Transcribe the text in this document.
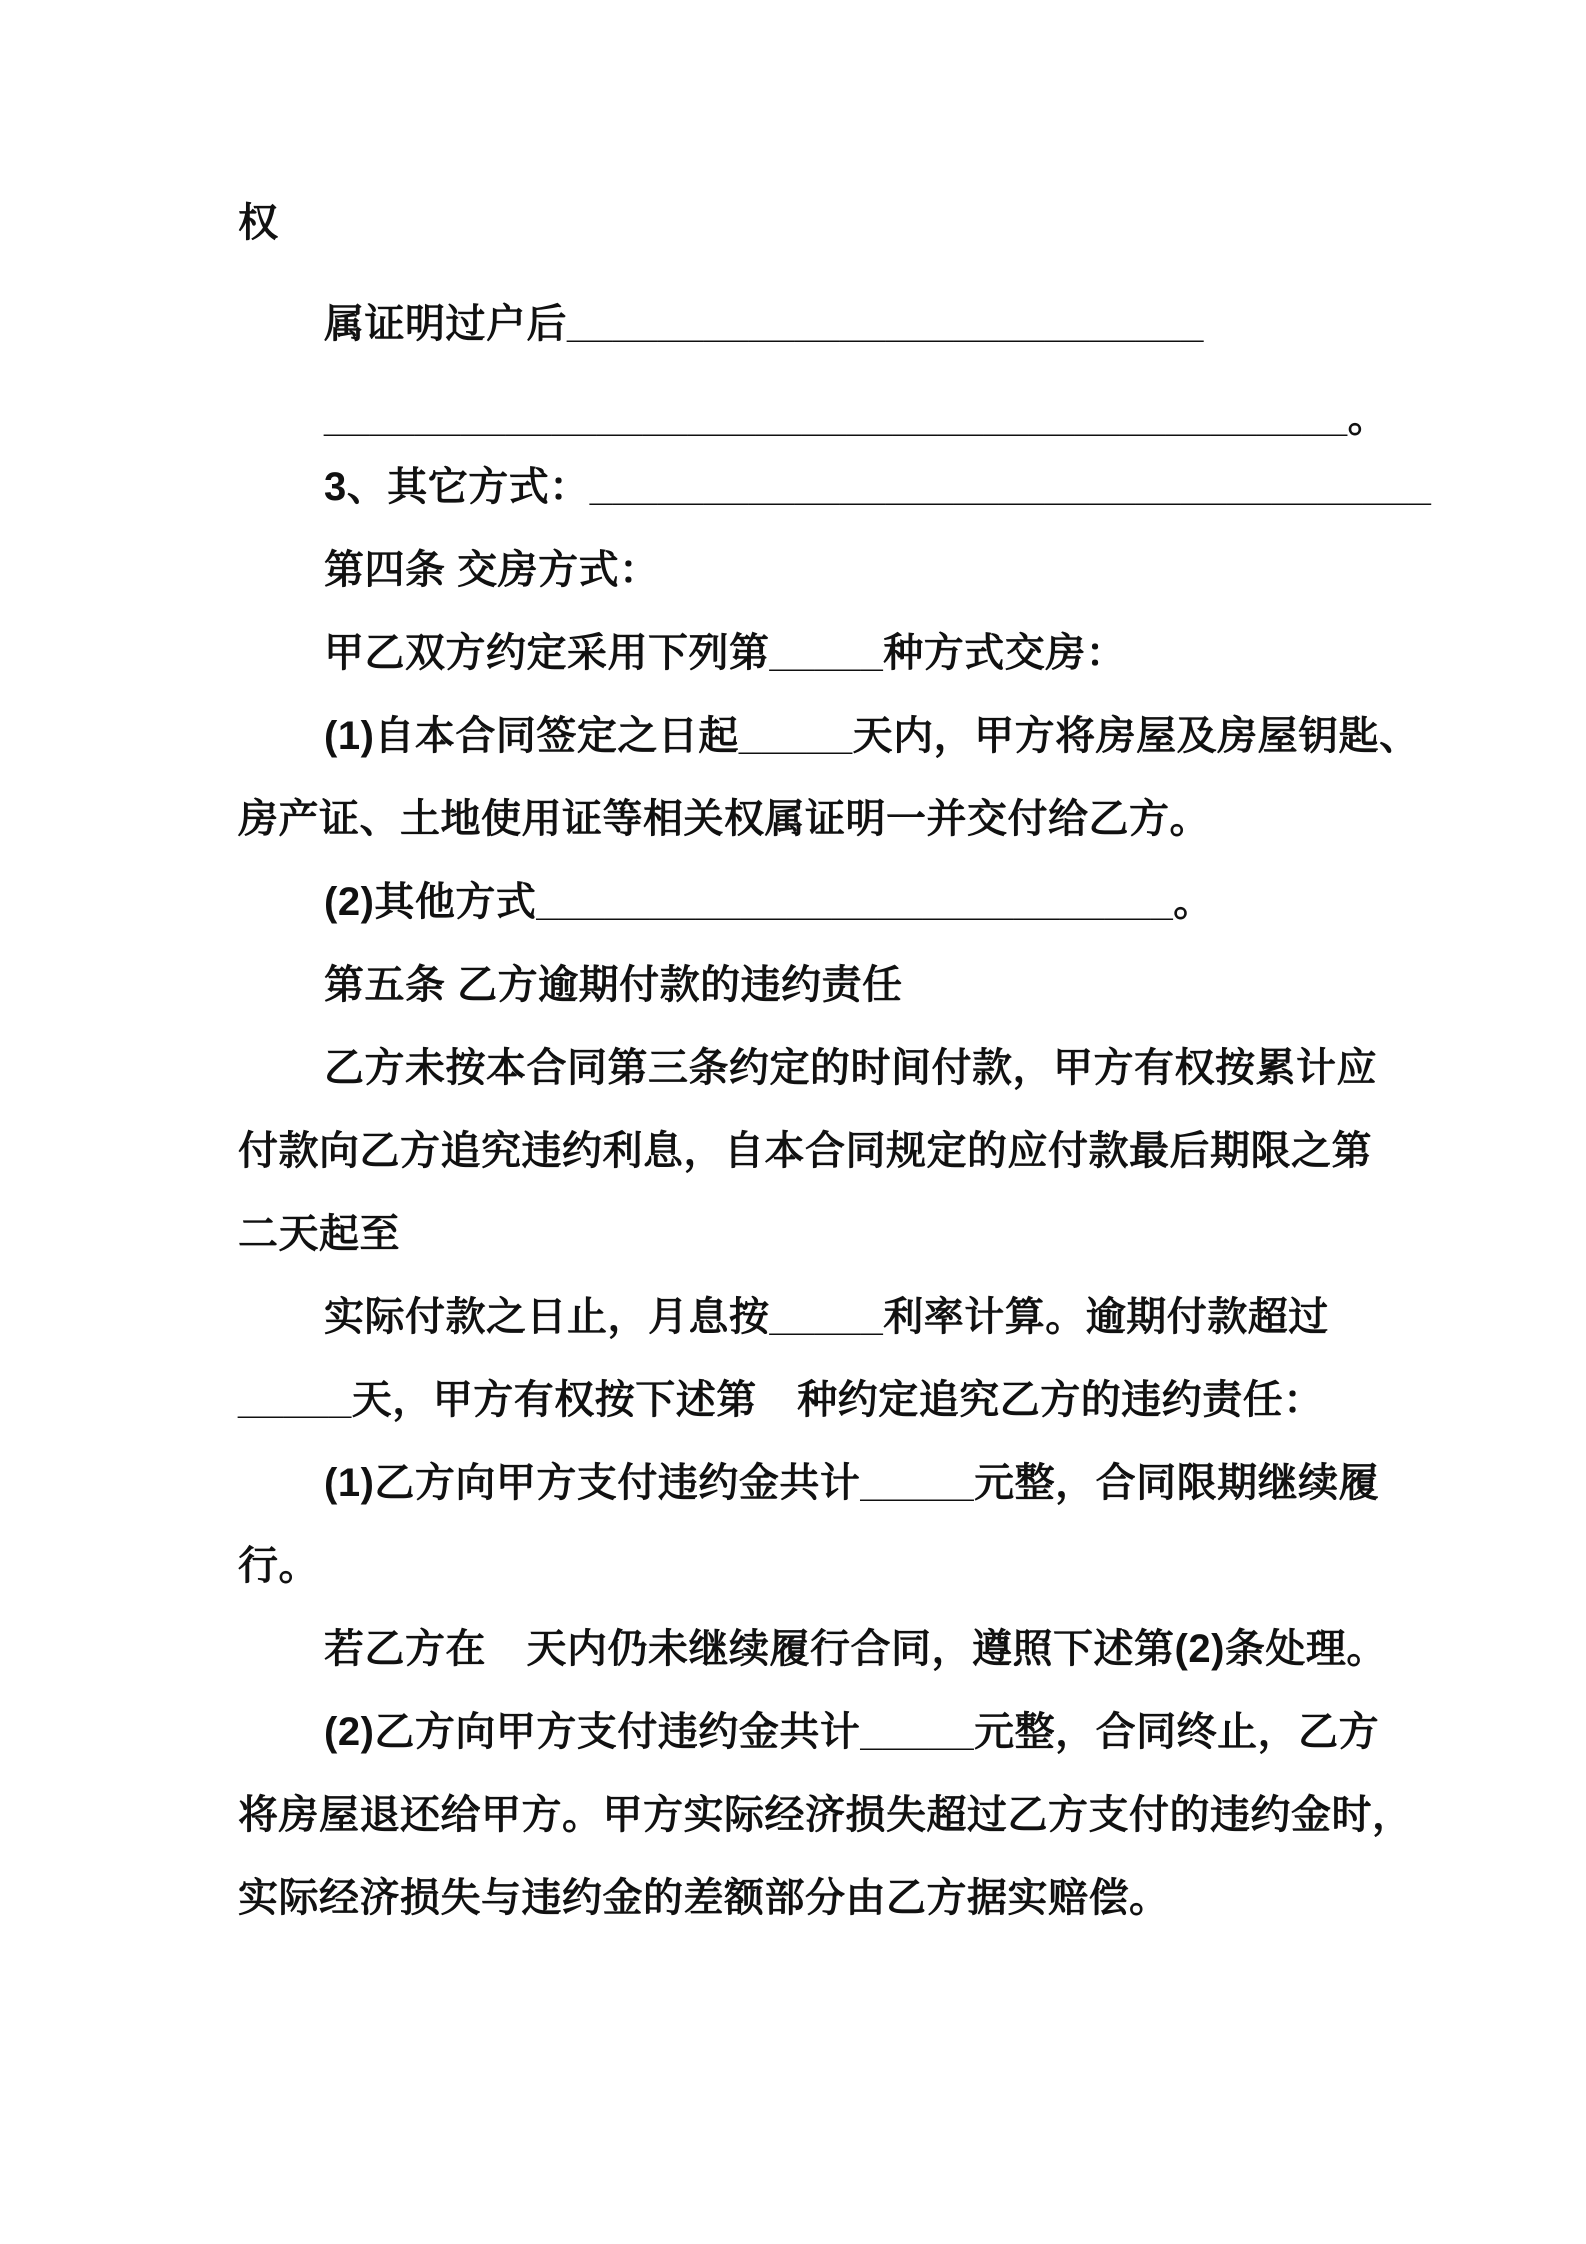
权
属证明过户后____________________________
_____________________________________________。
3、其它方式：_____________________________________
第四条 交房方式：
甲乙双方约定采用下列第_____种方式交房：
(1)自本合同签定之日起_____天内，甲方将房屋及房屋钥匙、
房产证、土地使用证等相关权属证明一并交付给乙方。
(2)其他方式____________________________。
第五条 乙方逾期付款的违约责任
乙方未按本合同第三条约定的时间付款，甲方有权按累计应
付款向乙方追究违约利息，自本合同规定的应付款最后期限之第
二天起至
实际付款之日止，月息按_____利率计算。逾期付款超过
_____天，甲方有权按下述第　种约定追究乙方的违约责任：
(1)乙方向甲方支付违约金共计_____元整，合同限期继续履
行。
若乙方在　天内仍未继续履行合同，遵照下述第(2)条处理。
(2)乙方向甲方支付违约金共计_____元整，合同终止，乙方
将房屋退还给甲方。甲方实际经济损失超过乙方支付的违约金时，
实际经济损失与违约金的差额部分由乙方据实赔偿。
